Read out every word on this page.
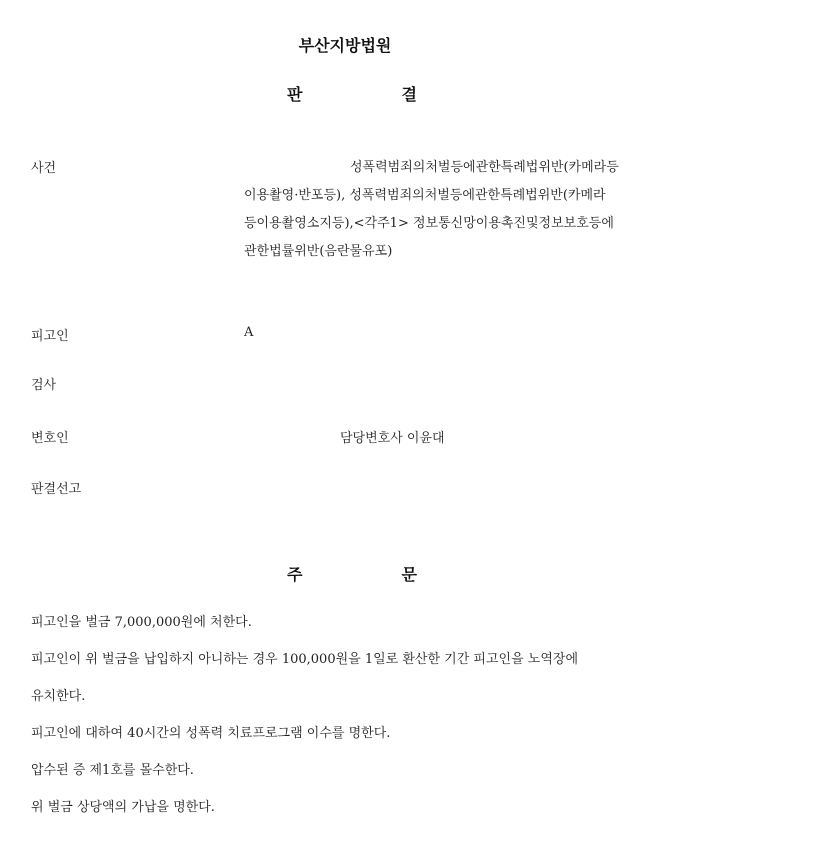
부산지방법원
판	결
사건	성폭력범죄의처벌등에관한특례법위반(카메라등
이용촬영·반포등), 성폭력범죄의처벌등에관한특례법위반(카메라
등이용촬영소지등),<각주1> 정보통신망이용촉진및정보보호등에
관한법률위반(음란물유포)
피고인	A
검사
변호인	담당변호사 이윤대
판결선고
주	문
피고인을 벌금 7,000,000원에 처한다.
피고인이 위 벌금을 납입하지 아니하는 경우 100,000원을 1일로 환산한 기간 피고인을 노역장에
유치한다.
피고인에 대하여 40시간의 성폭력 치료프로그램 이수를 명한다.
압수된 증 제1호를 몰수한다.
위 벌금 상당액의 가납을 명한다.
